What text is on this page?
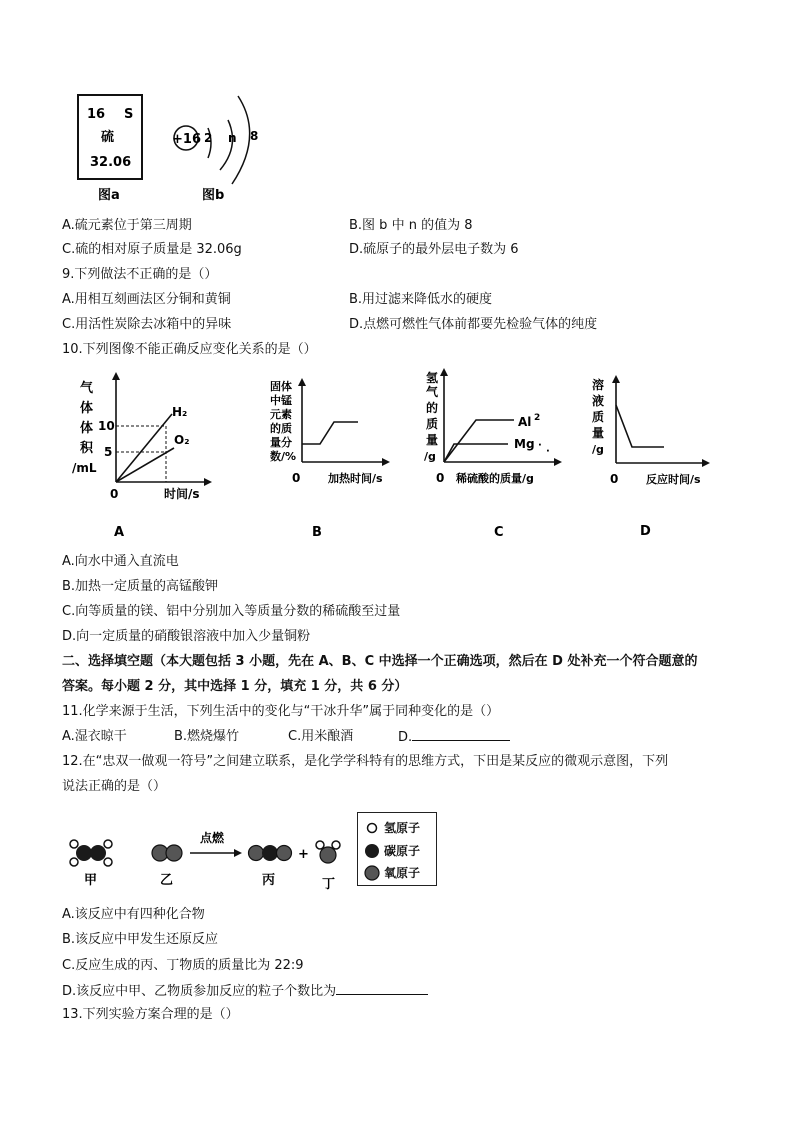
16 S
硫
32.06
图a
+16 2 n 8
图b
A.硫元素位于第三周期	B.图 b 中 n 的值为 8
C.硫的相对原子质量是 32.06g	D.硫原子的最外层电子数为 6
9.下列做法不正确的是（）
A.用相互刻画法区分铜和黄铜	B.用过滤来降低水的硬度
C.用活性炭除去冰箱中的异味	D.点燃可燃性气体前都要先检验气体的纯度
10.下列图像不能正确反应变化关系的是（）
气
体
体
积
/mL
10
5
0
H₂
O₂
时间/s
A
固体
中锰
元素
的质
量分
数/%
0	加热时间/s
B
氢
气
的
质
量
/g
Al 2
Mg ·
·
0 稀硫酸的质量/g
C
溶
液
质
量
/g
0	反应时间/s
D
A.向水中通入直流电
B.加热一定质量的高锰酸钾
C.向等质量的镁、铝中分别加入等质量分数的稀硫酸至过量
D.向一定质量的硝酸银溶液中加入少量铜粉
二、选择填空题（本大题包括 3 小题，先在 A、B、C 中选择一个正确选项，然后在 D 处补充一个符合题意的
答案。每小题 2 分，其中选择 1 分，填充 1 分，共 6 分）
11.化学来源于生活，下列生活中的变化与“干冰升华”属于同种变化的是（）
A.湿衣晾干	B.燃烧爆竹	C.用米酿酒	D.
12.在“忠双一做观一符号”之间建立联系，是化学学科特有的思维方式，下田是某反应的微观示意图，下列
说法正确的是（）
甲	乙
点燃
丙
+
丁
氢原子
碳原子
氧原子
A.该反应中有四种化合物
B.该反应中甲发生还原反应
C.反应生成的丙、丁物质的质量比为 22:9
D.该反应中甲、乙物质参加反应的粒子个数比为
13.下列实验方案合理的是（）
